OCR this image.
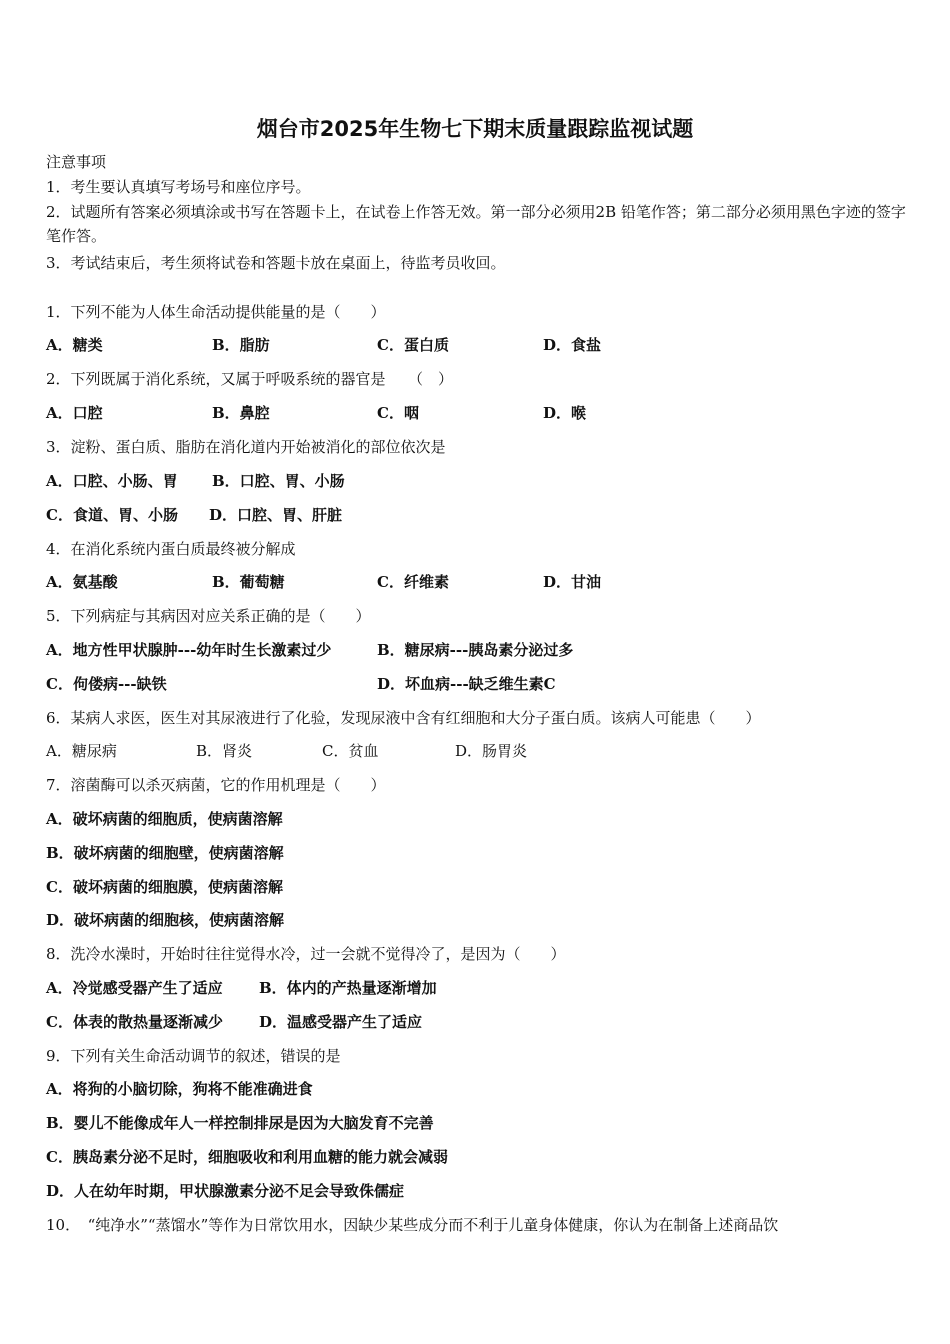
烟台市2025年生物七下期末质量跟踪监视试题
注意事项
1．考生要认真填写考场号和座位序号。
2．试题所有答案必须填涂或书写在答题卡上，在试卷上作答无效。第一部分必须用2B 铅笔作答；第二部分必须用黑色字迹的签字笔作答。
3．考试结束后，考生须将试卷和答题卡放在桌面上，待监考员收回。
1．下列不能为人体生命活动提供能量的是（　　）
A．糖类	B．脂肪	C．蛋白质	D．食盐
2．下列既属于消化系统，又属于呼吸系统的器官是　　（　）
A．口腔	B．鼻腔	C．咽	D．喉
3．淀粉、蛋白质、脂肪在消化道内开始被消化的部位依次是
A．口腔、小肠、胃 B．口腔、胃、小肠
C．食道、胃、小肠 D．口腔、胃、肝脏
4．在消化系统内蛋白质最终被分解成
A．氨基酸	B．葡萄糖	C．纤维素	D．甘油
5．下列病症与其病因对应关系正确的是（　　）
A．地方性甲状腺肿---幼年时生长激素过少	B．糖尿病---胰岛素分泌过多
C．佝偻病---缺铁	D．坏血病---缺乏维生素C
6．某病人求医，医生对其尿液进行了化验，发现尿液中含有红细胞和大分子蛋白质。该病人可能患（　　）
A．糖尿病	B．肾炎	C．贫血	D．肠胃炎
7．溶菌酶可以杀灭病菌，它的作用机理是（　　）
A．破坏病菌的细胞质，使病菌溶解
B．破坏病菌的细胞壁，使病菌溶解
C．破坏病菌的细胞膜，使病菌溶解
D．破坏病菌的细胞核，使病菌溶解
8．洗冷水澡时，开始时往往觉得水冷，过一会就不觉得冷了，是因为（　　）
A．冷觉感受器产生了适应 B．体内的产热量逐渐增加
C．体表的散热量逐渐减少 D．温感受器产生了适应
9．下列有关生命活动调节的叙述，错误的是
A．将狗的小脑切除，狗将不能准确进食
B．婴儿不能像成年人一样控制排尿是因为大脑发育不完善
C．胰岛素分泌不足时，细胞吸收和利用血糖的能力就会减弱
D．人在幼年时期，甲状腺激素分泌不足会导致侏儒症
10．　“纯净水”“蒸馏水”等作为日常饮用水，因缺少某些成分而不利于儿童身体健康，你认为在制备上述商品饮
